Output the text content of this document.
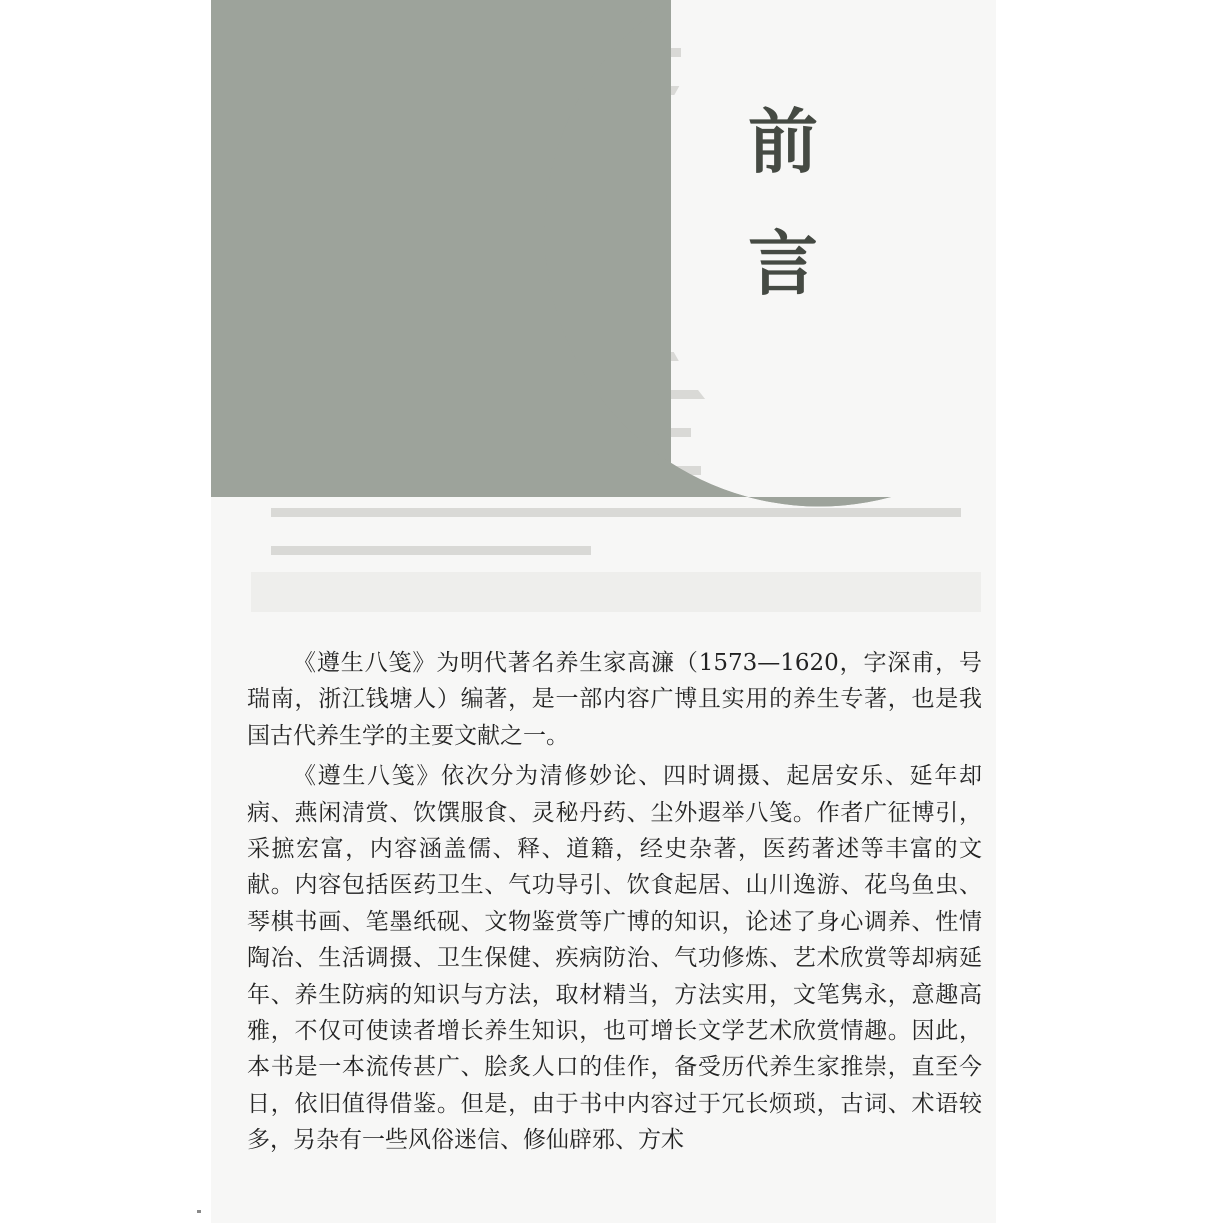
前
言

《遵生八笺》为明代著名养生家高濂（1573—1620，字深甫，号瑞南，浙江钱塘人）编著，是一部内容广博且实用的养生专著，也是我国古代养生学的主要文献之一。

《遵生八笺》依次分为清修妙论、四时调摄、起居安乐、延年却病、燕闲清赏、饮馔服食、灵秘丹药、尘外遐举八笺。作者广征博引，采摭宏富，内容涵盖儒、释、道籍，经史杂著，医药著述等丰富的文献。内容包括医药卫生、气功导引、饮食起居、山川逸游、花鸟鱼虫、琴棋书画、笔墨纸砚、文物鉴赏等广博的知识，论述了身心调养、性情陶冶、生活调摄、卫生保健、疾病防治、气功修炼、艺术欣赏等却病延年、养生防病的知识与方法，取材精当，方法实用，文笔隽永，意趣高雅，不仅可使读者增长养生知识，也可增长文学艺术欣赏情趣。因此，本书是一本流传甚广、脍炙人口的佳作，备受历代养生家推崇，直至今日，依旧值得借鉴。但是，由于书中内容过于冗长烦琐，古词、术语较多，另杂有一些风俗迷信、修仙辟邪、方术
